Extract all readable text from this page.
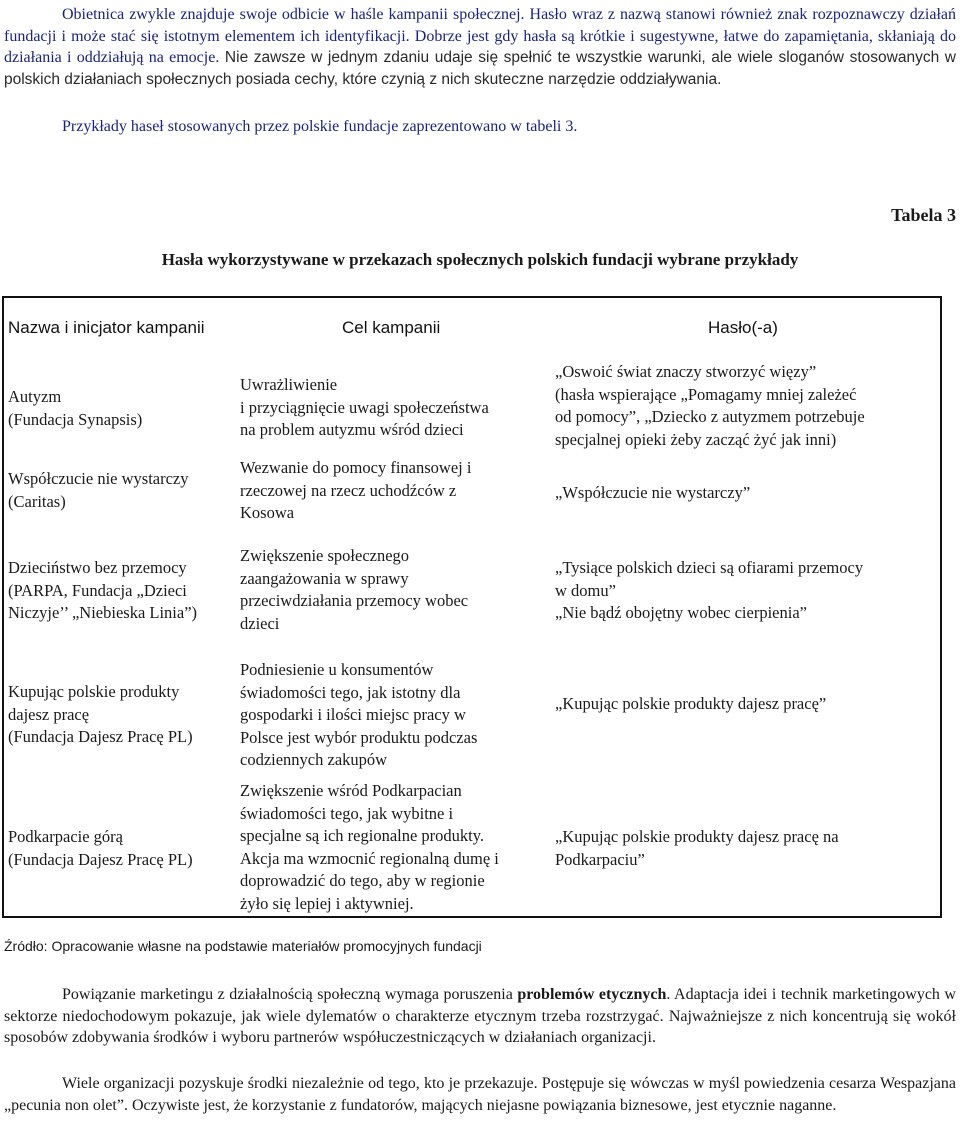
Obietnica zwykle znajduje swoje odbicie w haśle kampanii społecznej. Hasło wraz z nazwą stanowi również znak rozpoznawczy działań fundacji i może stać się istotnym elementem ich identyfikacji. Dobrze jest gdy hasła są krótkie i sugestywne, łatwe do zapamiętania, skłaniają do działania i oddziałują na emocje. Nie zawsze w jednym zdaniu udaje się spełnić te wszystkie warunki, ale wiele sloganów stosowanych w polskich działaniach społecznych posiada cechy, które czynią z nich skuteczne narzędzie oddziaływania.

Przykłady haseł stosowanych przez polskie fundacje zaprezentowano w tabeli 3.

Tabela 3
Hasła wykorzystywane w przekazach społecznych polskich fundacji wybrane przykłady
Nazwa i inicjator kampanii	Cel kampanii	Hasło(-a)
Autyzm
(Fundacja Synapsis)
Uwrażliwienie
i przyciągnięcie uwagi społeczeństwa
na problem autyzmu wśród dzieci
„Oswoić świat znaczy stworzyć więzy”
(hasła wspierające „Pomagamy mniej zależeć
od pomocy”, „Dziecko z autyzmem potrzebuje
specjalnej opieki żeby zacząć żyć jak inni)
Współczucie nie wystarczy
(Caritas)
Wezwanie do pomocy finansowej i
rzeczowej na rzecz uchodźców z
Kosowa
„Współczucie nie wystarczy”
Dzieciństwo bez przemocy
(PARPA, Fundacja „Dzieci
Niczyje’’ „Niebieska Linia”)
Zwiększenie społecznego
zaangażowania w sprawy
przeciwdziałania przemocy wobec
dzieci
„Tysiące polskich dzieci są ofiarami przemocy
w domu”
„Nie bądź obojętny wobec cierpienia”
Kupując polskie produkty
dajesz pracę
(Fundacja Dajesz Pracę PL)
Podniesienie u konsumentów
świadomości tego, jak istotny dla
gospodarki i ilości miejsc pracy w
Polsce jest wybór produktu podczas
codziennych zakupów
„Kupując polskie produkty dajesz pracę”
Podkarpacie górą
(Fundacja Dajesz Pracę PL)
Zwiększenie wśród Podkarpacian
świadomości tego, jak wybitne i
specjalne są ich regionalne produkty.
Akcja ma wzmocnić regionalną dumę i
doprowadzić do tego, aby w regionie
żyło się lepiej i aktywniej.
„Kupując polskie produkty dajesz pracę na
Podkarpaciu”
Źródło: Opracowanie własne na podstawie materiałów promocyjnych fundacji

Powiązanie marketingu z działalnością społeczną wymaga poruszenia problemów etycznych. Adaptacja idei i technik marketingowych w sektorze niedochodowym pokazuje, jak wiele dylematów o charakterze etycznym trzeba rozstrzygać. Najważniejsze z nich koncentrują się wokół sposobów zdobywania środków i wyboru partnerów współuczestniczących w działaniach organizacji.

Wiele organizacji pozyskuje środki niezależnie od tego, kto je przekazuje. Postępuje się wówczas w myśl powiedzenia cesarza Wespazjana „pecunia non olet”. Oczywiste jest, że korzystanie z fundatorów, mających niejasne powiązania biznesowe, jest etycznie naganne.
